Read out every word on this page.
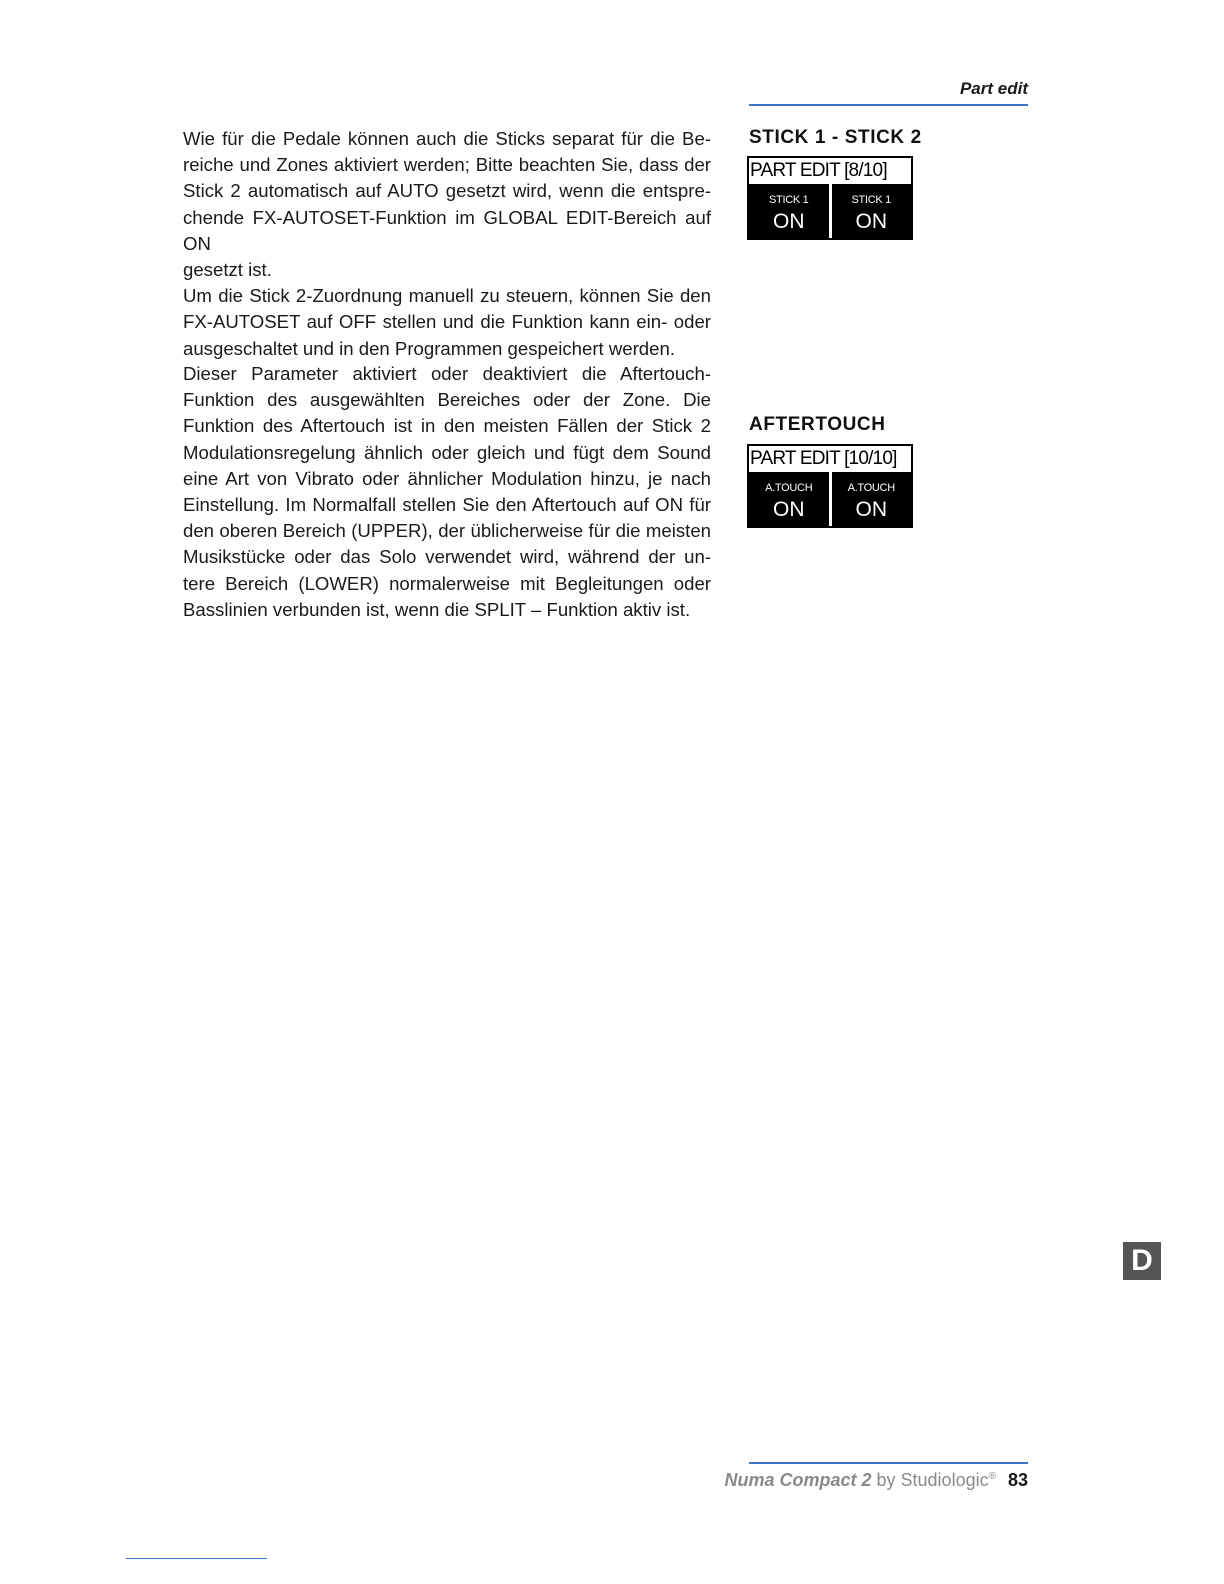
Part edit

Wie für die Pedale können auch die Sticks separat für die Be-

reiche und Zones aktiviert werden; Bitte beachten Sie, dass der

Stick 2 automatisch auf AUTO gesetzt wird, wenn die entspre-

chende FX-AUTOSET-Funktion im GLOBAL EDIT-Bereich auf ON

gesetzt ist.

Um die Stick 2-Zuordnung manuell zu steuern, können Sie den

FX-AUTOSET auf OFF stellen und die Funktion kann ein- oder

ausgeschaltet und in den Programmen gespeichert werden.

Dieser Parameter aktiviert oder deaktiviert die Aftertouch-

Funktion des ausgewählten Bereiches oder der Zone. Die

Funktion des Aftertouch ist in den meisten Fällen der Stick 2

Modulationsregelung ähnlich oder gleich und fügt dem Sound

eine Art von Vibrato oder ähnlicher Modulation hinzu, je nach

Einstellung. Im Normalfall stellen Sie den Aftertouch auf ON für

den oberen Bereich (UPPER), der üblicherweise für die meisten

Musikstücke oder das Solo verwendet wird, während der un-

tere Bereich (LOWER) normalerweise mit Begleitungen oder

Basslinien verbunden ist, wenn die SPLIT – Funktion aktiv ist.

STICK 1 - STICK 2
PART EDIT [8/10]
STICK 1
ON
STICK 1
ON
AFTERTOUCH
PART EDIT [10/10]
A.TOUCH
ON
A.TOUCH
ON
D
Numa Compact 2 by Studiologic® 83
